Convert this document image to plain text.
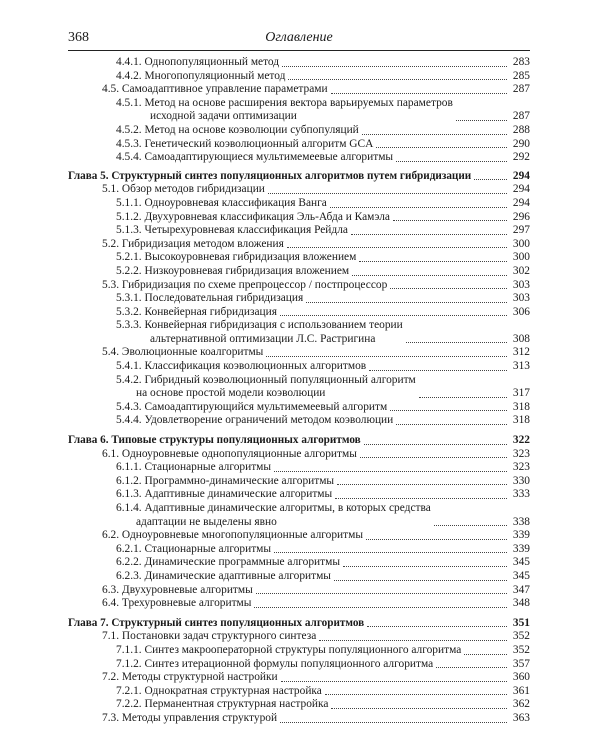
368	Оглавление
4.4.1. Однопопуляционный метод	283
4.4.2. Многопопуляционный метод	285
4.5. Самоадаптивное управление параметрами	287
4.5.1. Метод на основе расширения вектора варьируемых параметров
исходной задачи оптимизации	287
4.5.2. Метод на основе коэволюции субпопуляций	288
4.5.3. Генетический коэволюционный алгоритм GCA	290
4.5.4. Самоадаптирующиеся мультимемеевые алгоритмы	292
Глава 5. Структурный синтез популяционных алгоритмов путем гибридизации	294
5.1. Обзор методов гибридизации	294
5.1.1. Одноуровневая классификация Ванга	294
5.1.2. Двухуровневая классификация Эль-Абда и Камэла	296
5.1.3. Четырехуровневая классификация Рейдла	297
5.2. Гибридизация методом вложения	300
5.2.1. Высокоуровневая гибридизация вложением	300
5.2.2. Низкоуровневая гибридизация вложением	302
5.3. Гибридизация по схеме препроцессор / постпроцессор	303
5.3.1. Последовательная гибридизация	303
5.3.2. Конвейерная гибридизация	306
5.3.3. Конвейерная гибридизация с использованием теории
альтернативной оптимизации Л.С. Растригина	308
5.4. Эволюционные коалгоритмы	312
5.4.1. Классификация коэволюционных алгоритмов	313
5.4.2. Гибридный коэволюционный популяционный алгоритм
на основе простой модели коэволюции	317
5.4.3. Самоадаптирующийся мультимемеевый алгоритм	318
5.4.4. Удовлетворение ограничений методом коэволюции	318
Глава 6. Типовые структуры популяционных алгоритмов	322
6.1. Одноуровневые однопопуляционные алгоритмы	323
6.1.1. Стационарные алгоритмы	323
6.1.2. Программно-динамические алгоритмы	330
6.1.3. Адаптивные динамические алгоритмы	333
6.1.4. Адаптивные динамические алгоритмы, в которых средства
адаптации не выделены явно	338
6.2. Одноуровневые многопопуляционные алгоритмы	339
6.2.1. Стационарные алгоритмы	339
6.2.2. Динамические программные алгоритмы	345
6.2.3. Динамические адаптивные алгоритмы	345
6.3. Двухуровневые алгоритмы	347
6.4. Трехуровневые алгоритмы	348
Глава 7. Структурный синтез популяционных алгоритмов	351
7.1. Постановки задач структурного синтеза	352
7.1.1. Синтез макрооператорной структуры популяционного алгоритма	352
7.1.2. Синтез итерационной формулы популяционного алгоритма	357
7.2. Методы структурной настройки	360
7.2.1. Однократная структурная настройка	361
7.2.2. Перманентная структурная настройка	362
7.3. Методы управления структурой	363
